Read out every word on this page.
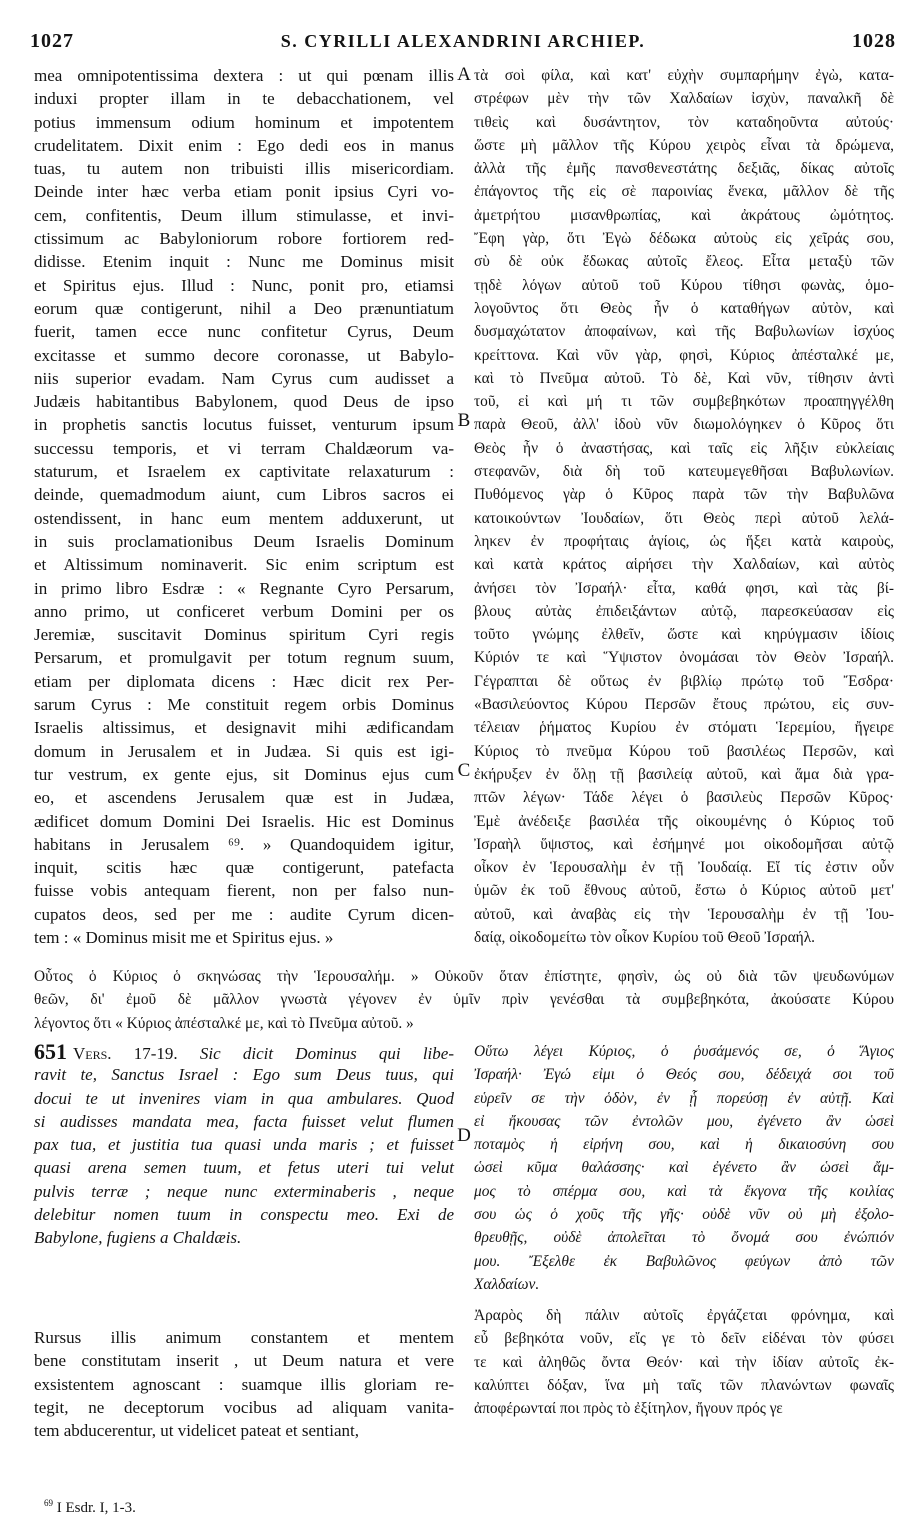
1027	S. CYRILLI ALEXANDRINI ARCHIEP.	1028
A
B
C
D
mea omnipotentissima dextera : ut qui pœnam illis
induxi propter illam in te debacchationem, vel
potius immensum odium hominum et impotentem
crudelitatem. Dixit enim : Ego dedi eos in manus
tuas, tu autem non tribuisti illis misericordiam.
Deinde inter hæc verba etiam ponit ipsius Cyri vo-
cem, confitentis, Deum illum stimulasse, et invi-
ctissimum ac Babyloniorum robore fortiorem red-
didisse. Etenim inquit : Nunc me Dominus misit
et Spiritus ejus. Illud : Nunc, ponit pro, etiamsi
eorum quæ contigerunt, nihil a Deo prænuntiatum
fuerit, tamen ecce nunc confitetur Cyrus, Deum
excitasse et summo decore coronasse, ut Babylo-
niis superior evadam. Nam Cyrus cum audisset a
Judæis habitantibus Babylonem, quod Deus de ipso
in prophetis sanctis locutus fuisset, venturum ipsum
successu temporis, et vi terram Chaldæorum va-
staturum, et Israelem ex captivitate relaxaturum :
deinde, quemadmodum aiunt, cum Libros sacros ei
ostendissent, in hanc eum mentem adduxerunt, ut
in suis proclamationibus Deum Israelis Dominum
et Altissimum nominaverit. Sic enim scriptum est
in primo libro Esdræ : « Regnante Cyro Persarum,
anno primo, ut conficeret verbum Domini per os
Jeremiæ, suscitavit Dominus spiritum Cyri regis
Persarum, et promulgavit per totum regnum suum,
etiam per diplomata dicens : Hæc dicit rex Per-
sarum Cyrus : Me constituit regem orbis Dominus
Israelis altissimus, et designavit mihi ædificandam
domum in Jerusalem et in Judæa. Si quis est igi-
tur vestrum, ex gente ejus, sit Dominus ejus cum
eo, et ascendens Jerusalem quæ est in Judæa,
ædificet domum Domini Dei Israelis. Hic est Dominus
habitans in Jerusalem ⁶⁹. » Quandoquidem igitur,
inquit, scitis hæc quæ contigerunt, patefacta
fuisse vobis antequam fierent, non per falso nun-
cupatos deos, sed per me : audite Cyrum dicen-
tem : « Dominus misit me et Spiritus ejus. »
Οὗτος ὁ Κύριος ὁ σκηνώσας τὴν Ἱερουσαλήμ. » Οὐκοῦν ὅταν ἐπίστητε, φησὶν, ὡς οὐ διὰ τῶν ψευδωνύμων
θεῶν, δι' ἐμοῦ δὲ μᾶλλον γνωστὰ γέγονεν ἐν ὑμῖν πρὶν γενέσθαι τὰ συμβεβηκότα, ἀκούσατε Κύρου
λέγοντος ὅτι « Κύριος ἀπέσταλκέ με, καὶ τὸ Πνεῦμα αὐτοῦ. »
651 Vers. 17-19. Sic dicit Dominus qui libe-
ravit te, Sanctus Israel : Ego sum Deus tuus, qui
docui te ut invenires viam in qua ambulares. Quod
si audisses mandata mea, facta fuisset velut flumen
pax tua, et justitia tua quasi unda maris ; et fuisset
quasi arena semen tuum, et fetus uteri tui velut
pulvis terræ ; neque nunc exterminaberis , neque
delebitur nomen tuum in conspectu meo. Exi de
Babylone, fugiens a Chaldæis.
Rursus illis animum constantem et mentem
bene constitutam inserit , ut Deum natura et vere
exsistentem agnoscant : suamque illis gloriam re-
tegit, ne deceptorum vocibus ad aliquam vanita-
tem abducerentur, ut videlicet pateat et sentiant,
τὰ σοὶ φίλα, καὶ κατ' εὐχὴν συμπαρήμην ἐγὼ, κατα-
στρέφων μὲν τὴν τῶν Χαλδαίων ἰσχὺν, παναλκῆ δὲ
τιθεὶς καὶ δυσάντητον, τὸν καταδηοῦντα αὐτούς·
ὥστε μὴ μᾶλλον τῆς Κύρου χειρὸς εἶναι τὰ δρώμενα,
ἀλλὰ τῆς ἐμῆς πανσθενεστάτης δεξιᾶς, δίκας αὐτοῖς
ἐπάγοντος τῆς εἰς σὲ παροινίας ἕνεκα, μᾶλλον δὲ τῆς
ἀμετρήτου μισανθρωπίας, καὶ ἀκράτους ὠμότητος.
Ἔφη γὰρ, ὅτι Ἐγὼ δέδωκα αὐτοὺς εἰς χεῖράς σου,
σὺ δὲ οὐκ ἔδωκας αὐτοῖς ἔλεος. Εἶτα μεταξὺ τῶν
τῃδὲ λόγων αὐτοῦ τοῦ Κύρου τίθησι φωνὰς, ὁμο-
λογοῦντος ὅτι Θεὸς ἦν ὁ καταθήγων αὐτὸν, καὶ
δυσμαχώτατον ἀποφαίνων, καὶ τῆς Βαβυλωνίων ἰσχύος
κρείττονα. Καὶ νῦν γὰρ, φησὶ, Κύριος ἀπέσταλκέ με,
καὶ τὸ Πνεῦμα αὐτοῦ. Τὸ δὲ, Καὶ νῦν, τίθησιν ἀντὶ
τοῦ, εἰ καὶ μή τι τῶν συμβεβηκότων προαπηγγέλθη
παρὰ Θεοῦ, ἀλλ' ἰδοὺ νῦν διωμολόγηκεν ὁ Κῦρος ὅτι
Θεὸς ἦν ὁ ἀναστήσας, καὶ ταῖς εἰς λῆξιν εὐκλείαις
στεφανῶν, διὰ δὴ τοῦ κατευμεγεθῆσαι Βαβυλωνίων.
Πυθόμενος γὰρ ὁ Κῦρος παρὰ τῶν τὴν Βαβυλῶνα
κατοικούντων Ἰουδαίων, ὅτι Θεὸς περὶ αὐτοῦ λελά-
ληκεν ἐν προφήταις ἁγίοις, ὡς ἥξει κατὰ καιροὺς,
καὶ κατὰ κράτος αἱρήσει τὴν Χαλδαίων, καὶ αὐτὸς
ἀνήσει τὸν Ἰσραήλ· εἶτα, καθά φησι, καὶ τὰς βί-
βλους αὐτὰς ἐπιδειξάντων αὐτῷ, παρεσκεύασαν εἰς
τοῦτο γνώμης ἐλθεῖν, ὥστε καὶ κηρύγμασιν ἰδίοις
Κύριόν τε καὶ Ὕψιστον ὀνομάσαι τὸν Θεὸν Ἰσραήλ.
Γέγραπται δὲ οὕτως ἐν βιβλίῳ πρώτῳ τοῦ Ἔσδρα·
«Βασιλεύοντος Κύρου Περσῶν ἔτους πρώτου, εἰς συν-
τέλειαν ῥήματος Κυρίου ἐν στόματι Ἱερεμίου, ἤγειρε
Κύριος τὸ πνεῦμα Κύρου τοῦ βασιλέως Περσῶν, καὶ
ἐκήρυξεν ἐν ὅλῃ τῇ βασιλείᾳ αὐτοῦ, καὶ ἅμα διὰ γρα-
πτῶν λέγων· Τάδε λέγει ὁ βασιλεὺς Περσῶν Κῦρος·
Ἐμὲ ἀνέδειξε βασιλέα τῆς οἰκουμένης ὁ Κύριος τοῦ
Ἰσραὴλ ὕψιστος, καὶ ἐσήμηνέ μοι οἰκοδομῆσαι αὐτῷ
οἶκον ἐν Ἱερουσαλὴμ ἐν τῇ Ἰουδαίᾳ. Εἴ τίς ἐστιν οὖν
ὑμῶν ἐκ τοῦ ἔθνους αὐτοῦ, ἔστω ὁ Κύριος αὐτοῦ μετ'
αὐτοῦ, καὶ ἀναβὰς εἰς τὴν Ἱερουσαλὴμ ἐν τῇ Ἰου-
δαίᾳ, οἰκοδομείτω τὸν οἶκον Κυρίου τοῦ Θεοῦ Ἰσραήλ.
Οὕτω λέγει Κύριος, ὁ ῥυσάμενός σε, ὁ Ἅγιος
Ἰσραήλ· Ἐγώ εἰμι ὁ Θεός σου, δέδειχά σοι τοῦ
εὑρεῖν σε τὴν ὁδὸν, ἐν ᾗ πορεύσῃ ἐν αὐτῇ. Καὶ
εἰ ἤκουσας τῶν ἐντολῶν μου, ἐγένετο ἂν ὡσεὶ
ποταμὸς ἡ εἰρήνη σου, καὶ ἡ δικαιοσύνη σου
ὡσεὶ κῦμα θαλάσσης· καὶ ἐγένετο ἂν ὡσεὶ ἄμ-
μος τὸ σπέρμα σου, καὶ τὰ ἔκγονα τῆς κοιλίας
σου ὡς ὁ χοῦς τῆς γῆς· οὐδὲ νῦν οὐ μὴ ἐξολο-
θρευθῇς, οὐδὲ ἀπολεῖται τὸ ὄνομά σου ἐνώπιόν
μου. Ἔξελθε ἐκ Βαβυλῶνος φεύγων ἀπὸ τῶν
Χαλδαίων.
Ἀραρὸς δὴ πάλιν αὐτοῖς ἐργάζεται φρόνημα, καὶ
εὖ βεβηκότα νοῦν, εἴς γε τὸ δεῖν εἰδέναι τὸν φύσει
τε καὶ ἀληθῶς ὄντα Θεόν· καὶ τὴν ἰδίαν αὐτοῖς ἐκ-
καλύπτει δόξαν, ἵνα μὴ ταῖς τῶν πλανώντων φωναῖς
ἀποφέρωνταί ποι πρὸς τὸ ἐξίτηλον, ἤγουν πρός γε
$^{69}$ I Esdr. I, 1-3.
